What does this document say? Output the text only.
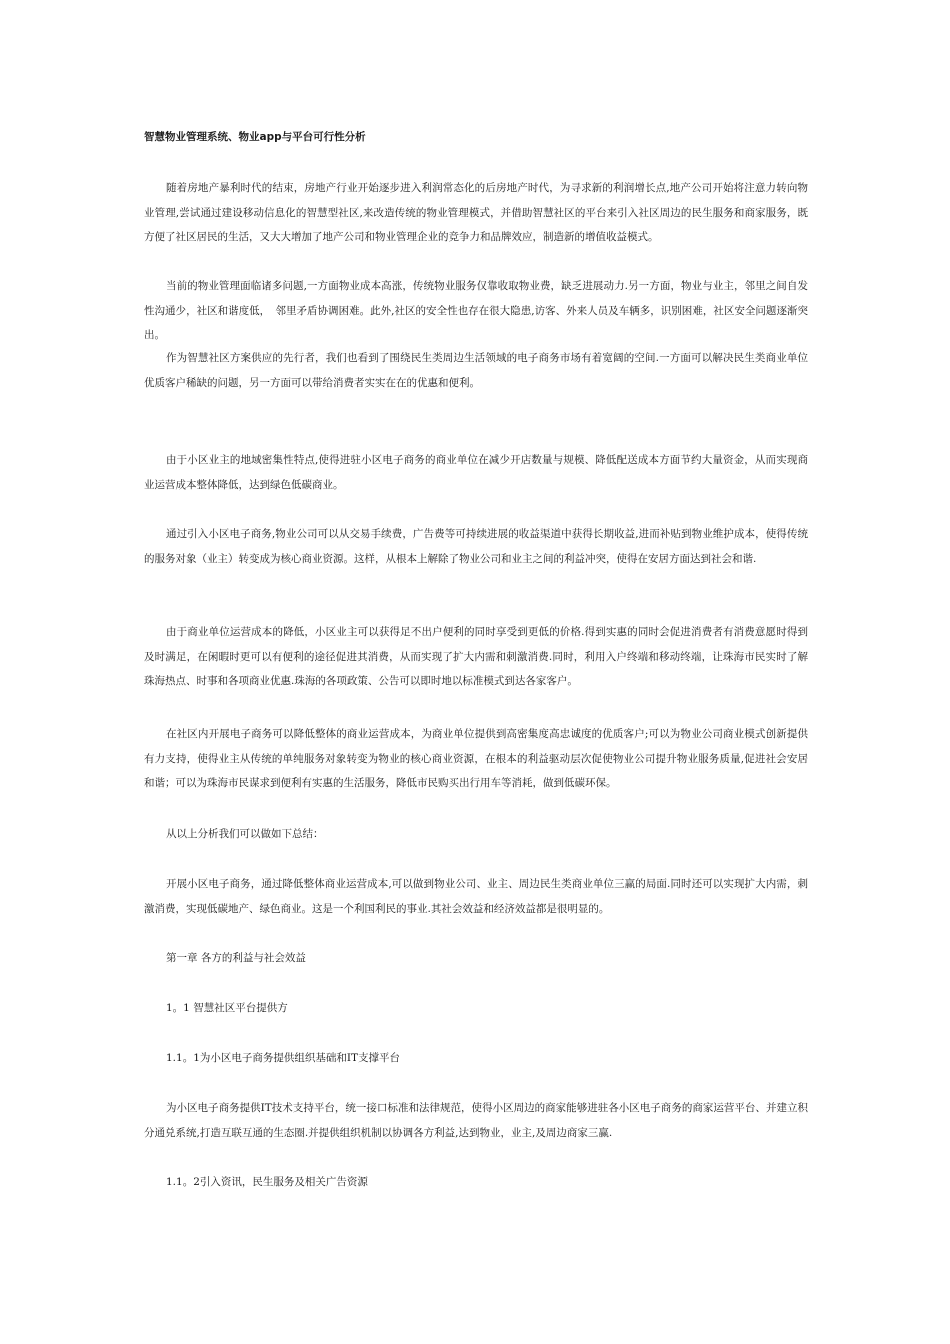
智慧物业管理系统、物业app与平台可行性分析

随着房地产暴利时代的结束，房地产行业开始逐步进入利润常态化的后房地产时代，为寻求新的利润增长点,地产公司开始将注意力转向物业管理,尝试通过建设移动信息化的智慧型社区,来改造传统的物业管理模式，并借助智慧社区的平台来引入社区周边的民生服务和商家服务，既方便了社区居民的生活，又大大增加了地产公司和物业管理企业的竞争力和品牌效应，制造新的增值收益模式。

当前的物业管理面临诸多问题,一方面物业成本高涨，传统物业服务仅靠收取物业费，缺乏进展动力.另一方面，物业与业主，邻里之间自发性沟通少，社区和谐度低，　邻里矛盾协调困难。此外,社区的安全性也存在很大隐患,访客、外来人员及车辆多，识别困难，社区安全问题逐渐突出。

作为智慧社区方案供应的先行者，我们也看到了围绕民生类周边生活领域的电子商务市场有着宽阔的空间.一方面可以解决民生类商业单位优质客户稀缺的问题，另一方面可以带给消费者实实在在的优惠和便利。

由于小区业主的地域密集性特点,使得进驻小区电子商务的商业单位在减少开店数量与规模、降低配送成本方面节约大量资金，从而实现商业运营成本整体降低，达到绿色低碳商业。

通过引入小区电子商务,物业公司可以从交易手续费，广告费等可持续进展的收益渠道中获得长期收益,进而补贴到物业维护成本，使得传统的服务对象（业主）转变成为核心商业资源。这样，从根本上解除了物业公司和业主之间的利益冲突，使得在安居方面达到社会和谐.

由于商业单位运营成本的降低，小区业主可以获得足不出户便利的同时享受到更低的价格.得到实惠的同时会促进消费者有消费意愿时得到及时满足，在闲暇时更可以有便利的途径促进其消费，从而实现了扩大内需和刺激消费.同时，利用入户终端和移动终端，让珠海市民实时了解珠海热点、时事和各项商业优惠.珠海的各项政策、公告可以即时地以标准模式到达各家客户。

在社区内开展电子商务可以降低整体的商业运营成本，为商业单位提供到高密集度高忠诚度的优质客户;可以为物业公司商业模式创新提供有力支持，使得业主从传统的单纯服务对象转变为物业的核心商业资源，在根本的利益驱动层次促使物业公司提升物业服务质量,促进社会安居和谐；可以为珠海市民谋求到便利有实惠的生活服务，降低市民购买出行用车等消耗，做到低碳环保。

从以上分析我们可以做如下总结：

开展小区电子商务，通过降低整体商业运营成本,可以做到物业公司、业主、周边民生类商业单位三赢的局面.同时还可以实现扩大内需，刺激消费，实现低碳地产、绿色商业。这是一个利国利民的事业.其社会效益和经济效益都是很明显的。

第一章 各方的利益与社会效益

1。1 智慧社区平台提供方

1.1。1为小区电子商务提供组织基础和IT支撑平台

为小区电子商务提供IT技术支持平台，统一接口标准和法律规范，使得小区周边的商家能够进驻各小区电子商务的商家运营平台、并建立积分通兑系统,打造互联互通的生态圈.并提供组织机制以协调各方利益,达到物业，业主,及周边商家三赢.

1.1。2引入资讯，民生服务及相关广告资源
